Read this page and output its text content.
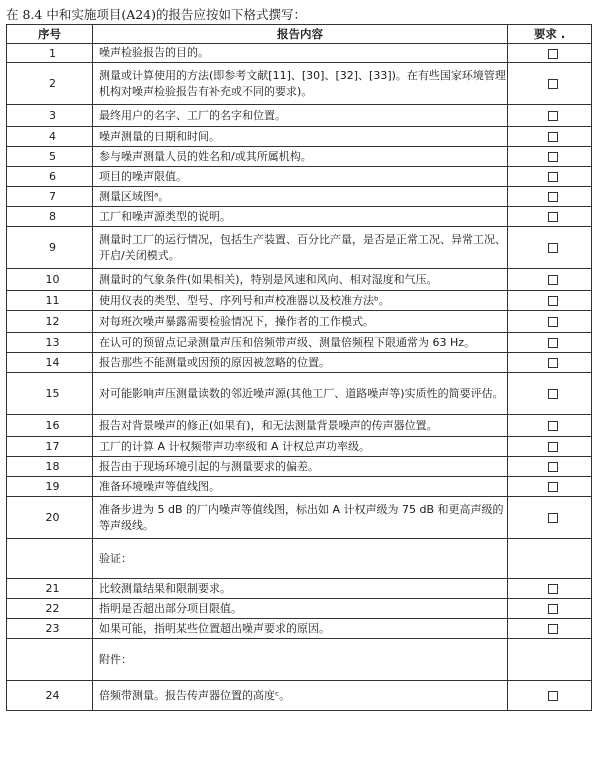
在 8.4 中和实施项目(A24)的报告应按如下格式撰写：
序号	报告内容	要求 .
1	噪声检验报告的目的。	
2	测量或计算使用的方法(即参考文献[11]、[30]、[32]、[33])。在有些国家环境管理机构对噪声检验报告有补充或不同的要求)。	
3	最终用户的名字、工厂的名字和位置。	
4	噪声测量的日期和时间。	
5	参与噪声测量人员的姓名和/或其所属机构。	
6	项目的噪声限值。	
7	测量区域图ᵃ。	
8	工厂和噪声源类型的说明。	
9	测量时工厂的运行情况，包括生产装置、百分比产量，是否是正常工况、异常工况、开启/关闭模式。	
10	测量时的气象条件(如果相关)，特别是风速和风向、相对湿度和气压。	
11	使用仪表的类型、型号、序列号和声校准器以及校准方法ᵇ。	
12	对每班次噪声暴露需要检验情况下，操作者的工作模式。	
13	在认可的预留点记录测量声压和倍频带声级、测量倍频程下限通常为 63 Hz。	
14	报告那些不能测量或因预的原因被忽略的位置。	
15	对可能影响声压测量读数的邻近噪声源(其他工厂、道路噪声等)实质性的简要评估。	
16	报告对背景噪声的修正(如果有)，和无法测量背景噪声的传声器位置。	
17	工厂的计算 A 计权频带声功率级和 A 计权总声功率级。	
18	报告由于现场环境引起的与测量要求的偏差。	
19	准备环境噪声等值线图。	
20	准备步进为 5 dB 的厂内噪声等值线图，标出如 A 计权声级为 75 dB 和更高声级的等声级线。	
	验证：	
21	比较测量结果和限制要求。	
22	指明是否超出部分项目限值。	
23	如果可能，指明某些位置超出噪声要求的原因。	
	附件：	
24	倍频带测量。报告传声器位置的高度ᶜ。	
